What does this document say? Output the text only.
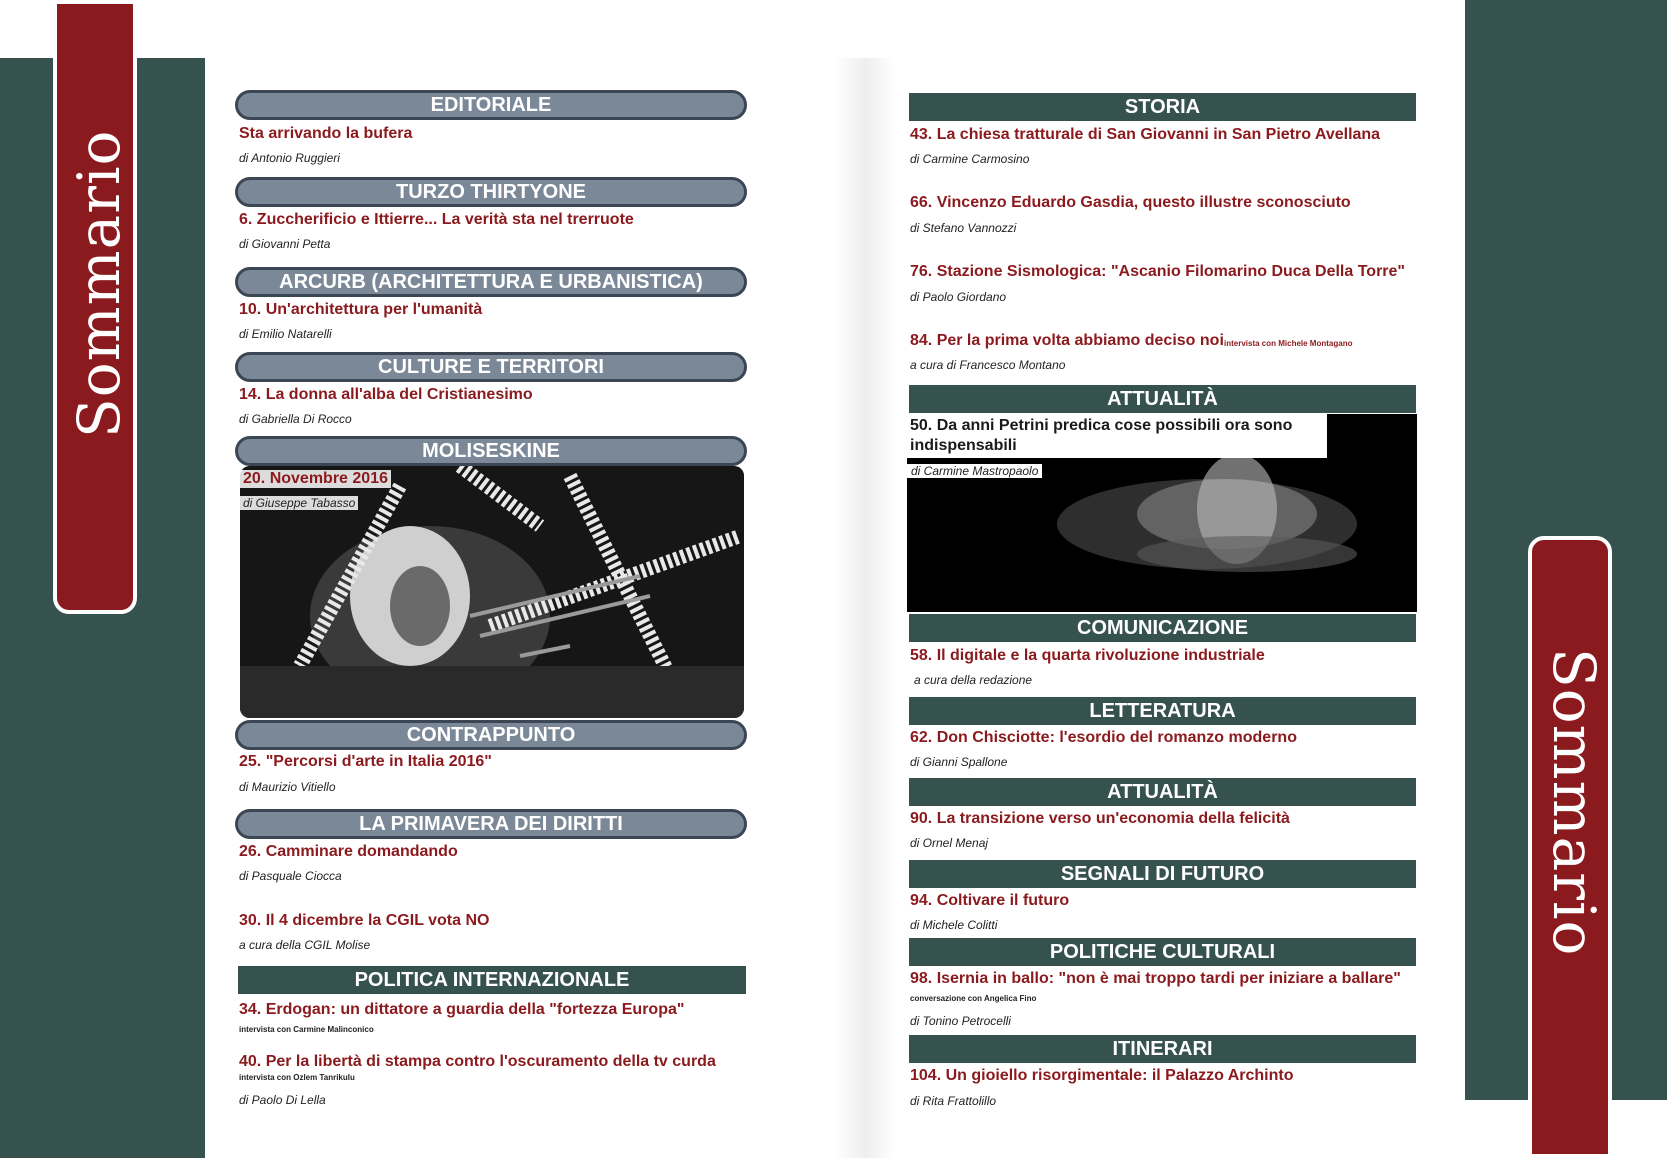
Sommario
Sommario
EDITORIALE
Sta arrivando la bufera
di Antonio Ruggieri
TURZO THIRTYONE
6. Zuccherificio e Ittierre... La verità sta nel trerruote
di Giovanni Petta
ARCURB (ARCHITETTURA E URBANISTICA)
10. Un'architettura per l'umanità
di Emilio Natarelli
CULTURE E TERRITORI
14. La donna all'alba del Cristianesimo
di Gabriella Di Rocco
MOLISESKINE
20. Novembre 2016
di Giuseppe Tabasso
CONTRAPPUNTO
25. "Percorsi d'arte in Italia 2016"
di Maurizio Vitiello
LA PRIMAVERA DEI DIRITTI
26. Camminare domandando
di Pasquale Ciocca
30. Il 4 dicembre la CGIL vota NO
a cura della CGIL Molise
POLITICA INTERNAZIONALE
34. Erdogan: un dittatore a guardia della "fortezza Europa"
intervista con Carmine Malinconico
40. Per la libertà di stampa contro l'oscuramento della tv curda
intervista con Ozlem Tanrikulu
di Paolo Di Lella
STORIA
43. La chiesa tratturale di San Giovanni in San Pietro Avellana
di Carmine Carmosino
66. Vincenzo Eduardo Gasdia, questo illustre sconosciuto
di Stefano Vannozzi
76. Stazione Sismologica: "Ascanio Filomarino Duca Della Torre"
di Paolo Giordano
84. Per la prima volta abbiamo deciso noi intervista con Michele Montagano
a cura di Francesco Montano
ATTUALITÀ
50. Da anni Petrini predica cose possibili ora sono indispensabili
di Carmine Mastropaolo
COMUNICAZIONE
58. Il digitale e la quarta rivoluzione industriale
a cura della redazione
LETTERATURA
62. Don Chisciotte: l'esordio del romanzo moderno
di Gianni Spallone
ATTUALITÀ
90. La transizione verso un'economia della felicità
di Ornel Menaj
SEGNALI DI FUTURO
94. Coltivare il futuro
di Michele Colitti
POLITICHE CULTURALI
98. Isernia in ballo: "non è mai troppo tardi per iniziare a ballare"
conversazione con Angelica Fino
di Tonino Petrocelli
ITINERARI
104. Un gioiello risorgimentale: il Palazzo Archinto
di Rita Frattolillo
